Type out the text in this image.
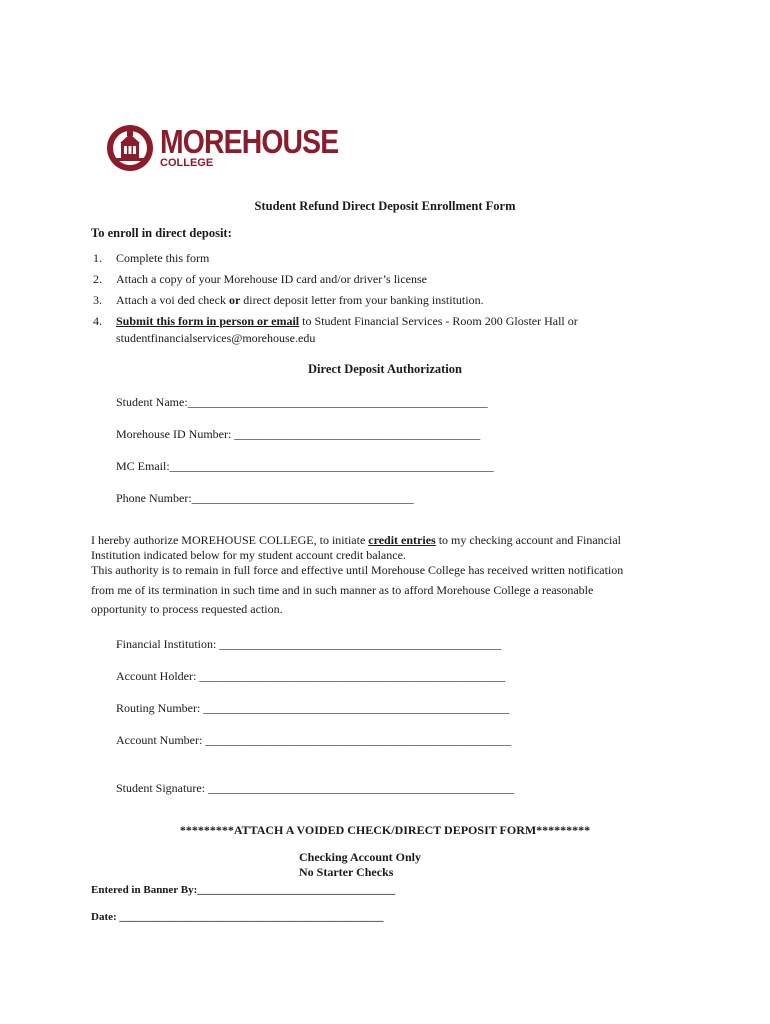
MOREHOUSE
COLLEGE
Student Refund Direct Deposit Enrollment Form
To enroll in direct deposit:
1. Complete this form
2. Attach a copy of your Morehouse ID card and/or driver’s license
3. Attach a voi ded check or direct deposit letter from your banking institution.
4. Submit this form in person or email to Student Financial Services - Room 200 Gloster Hall or
studentfinancialservices@morehouse.edu
Direct Deposit Authorization
Student Name:__________________________________________________
Morehouse ID Number: _________________________________________
MC Email:______________________________________________________
Phone Number:_____________________________________
I hereby authorize MOREHOUSE COLLEGE, to initiate credit entries to my checking account and Financial
Institution indicated below for my student account credit balance.
This authority is to remain in full force and effective until Morehouse College has received written notification
from me of its termination in such time and in such manner as to afford Morehouse College a reasonable
opportunity to process requested action.
Financial Institution: _______________________________________________
Account Holder: ___________________________________________________
Routing Number: ___________________________________________________
Account Number: ___________________________________________________
Student Signature: ___________________________________________________
*********ATTACH A VOIDED CHECK/DIRECT DEPOSIT FORM*********
Checking Account Only
No Starter Checks
Entered in Banner By:____________________________________
Date: ________________________________________________
